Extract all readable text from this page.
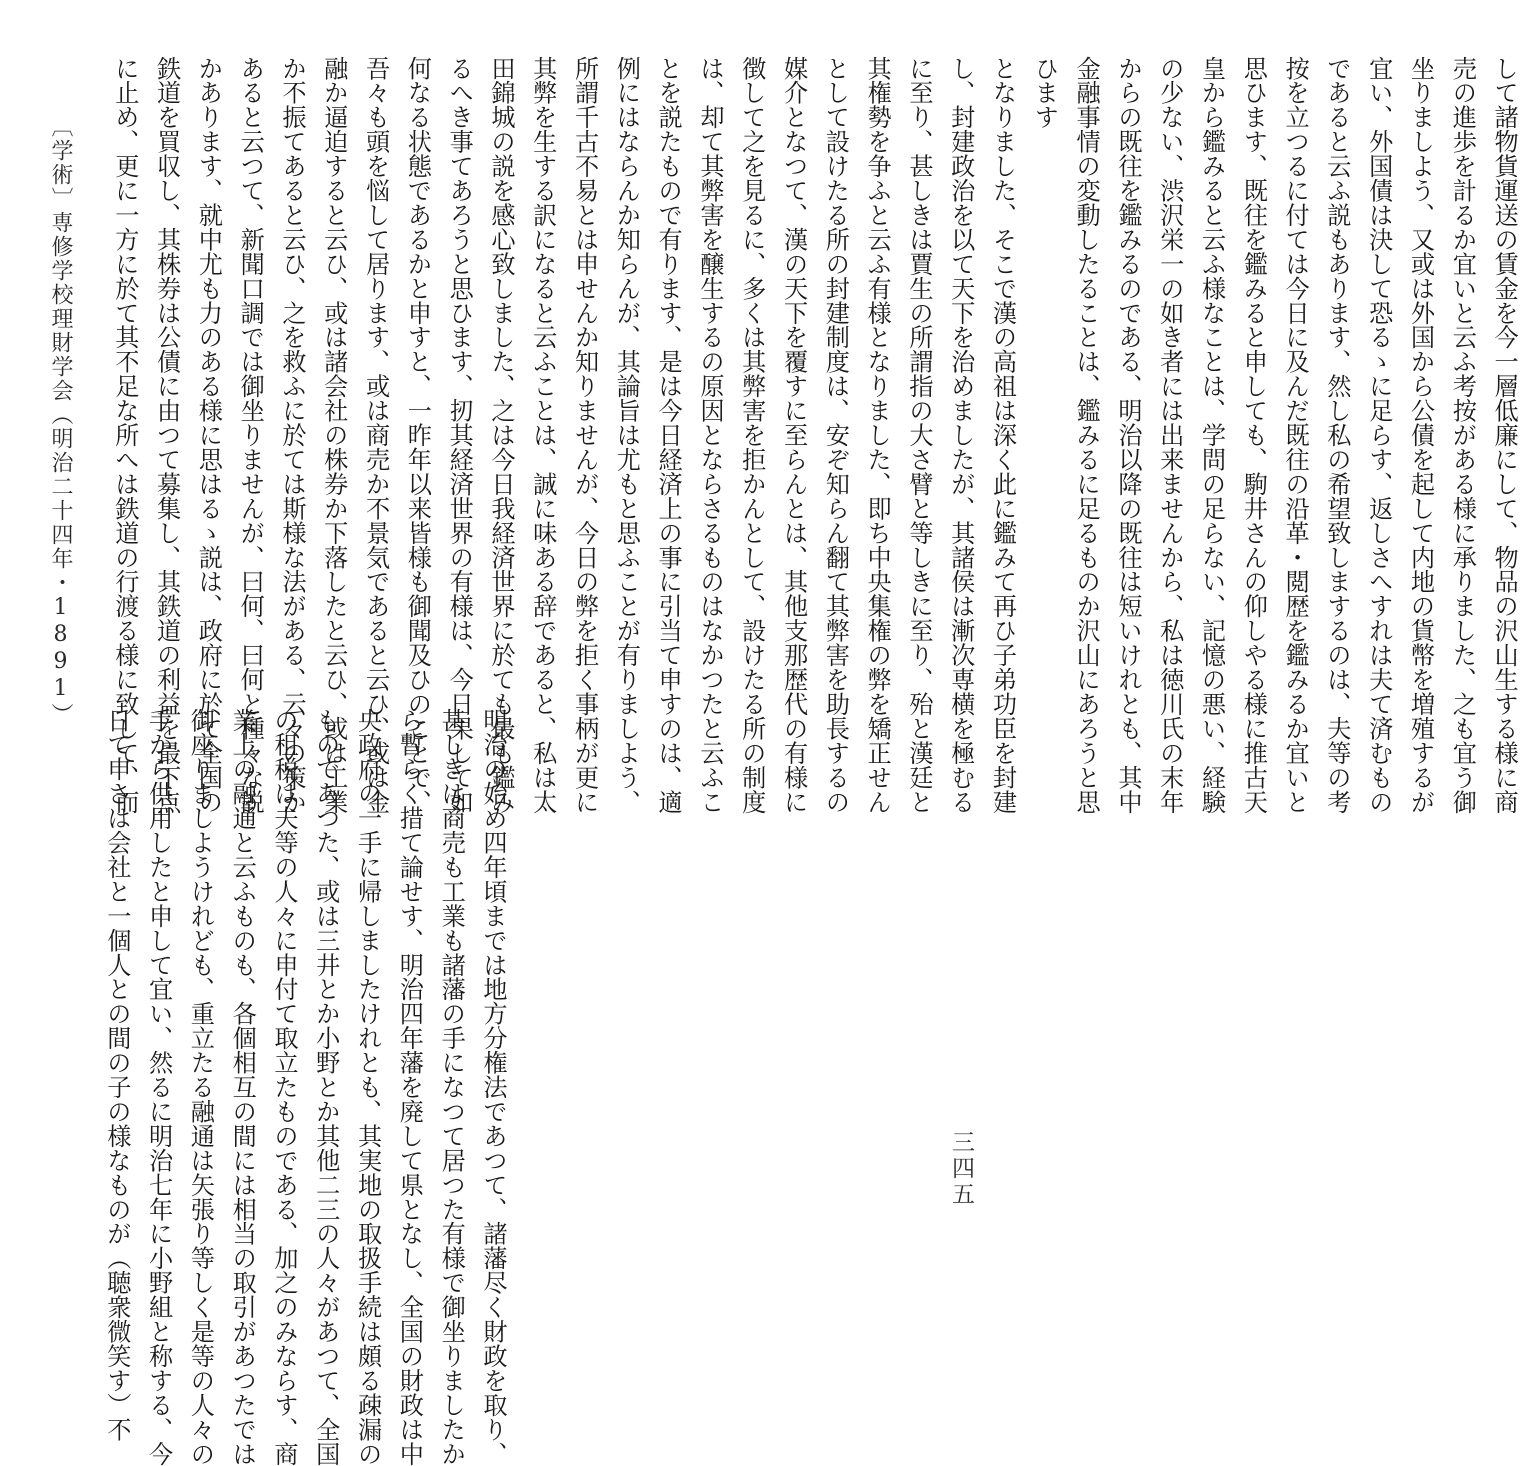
して諸物貨運送の賃金を今一層低廉にして、物品の沢山生する様に商
売の進歩を計るか宜いと云ふ考按がある様に承りました、之も宜う御
坐りましよう、又或は外国から公債を起して内地の貨幣を増殖するが
宜い、外国債は決して恐るゝに足らす、返しさへすれは夫て済むもの
であると云ふ説もあります、然し私の希望致しまするのは、夫等の考
按を立つるに付ては今日に及んだ既往の沿革・閲歴を鑑みるか宜いと
思ひます、既往を鑑みると申しても、駒井さんの仰しやる様に推古天
皇から鑑みると云ふ様なことは、学問の足らない、記憶の悪い、経験
の少ない、渋沢栄一の如き者には出来ませんから、私は徳川氏の末年
からの既往を鑑みるのである、明治以降の既往は短いけれとも、其中
金融事情の変動したることは、鑑みるに足るものか沢山にあろうと思
ひます
となりました、そこで漢の高祖は深く此に鑑みて再ひ子弟功臣を封建
し、封建政治を以て天下を治めましたが、其諸侯は漸次専横を極むる
に至り、甚しきは賈生の所謂指の大さ臂と等しきに至り、殆と漢廷と
其権勢を争ふと云ふ有様となりました、即ち中央集権の弊を矯正せん
として設けたる所の封建制度は、安ぞ知らん翻て其弊害を助長するの
媒介となつて、漢の天下を覆すに至らんとは、其他支那歴代の有様に
徴して之を見るに、多くは其弊害を拒かんとして、設けたる所の制度
は、却て其弊害を醸生するの原因とならさるものはなかつたと云ふこ
とを説たもので有ります、是は今日経済上の事に引当て申すのは、適
例にはならんか知らんが、其論旨は尤もと思ふことが有りましよう、
所謂千古不易とは申せんか知りませんが、今日の弊を拒く事柄が更に
其弊を生する訳になると云ふことは、誠に味ある辞であると、私は太
田錦城の説を感心致しました、之は今日我経済世界に於ても最も鑑み
るへき事てあろうと思ひます、扨其経済世界の有様は、今日果して如
何なる状態であるかと申すと、一昨年以来皆様も御聞及ひのことで、
吾々も頭を悩して居ります、或は商売か不景気であると云ひ、或は金
融か逼迫すると云ひ、或は諸会社の株券か下落したと云ひ、或は工業
か不振てあると云ひ、之を救ふに於ては斯様な法がある、云々の策か
あると云つて、新聞口調では御坐りませんが、曰何、曰何と種々な説
かあります、就中尤も力のある様に思はるゝ説は、政府に於て全国の
鉄道を買収し、其株券は公債に由つて募集し、其鉄道の利益を最下点
に止め、更に一方に於て其不足な所へは鉄道の行渡る様に致して、而
明治の始め四年頃までは地方分権法であつて、諸藩尽く財政を取り、
甚しきは商売も工業も諸藩の手になつて居つた有様で御坐りましたか
ら暫らく措て論せす、明治四年藩を廃して県となし、全国の財政は中
央政府の一手に帰しましたけれとも、其実地の取扱手続は頗る疎漏の
ものであつた、或は三井とか小野とか其他二三の人々があつて、全国
の租税は夫等の人々に申付て取立たものである、加之のみならす、商
業上の融通と云ふものも、各個相互の間には相当の取引があつたでは
御座りましようけれども、重立たる融通は矢張り等しく是等の人々の
手から供用したと申して宜い、然るに明治七年に小野組と称する、今
日て申さは会社と一個人との間の子の様なものが（聴衆微笑す）不
〔学術〕専修学校理財学会（明治二十四年・1891）
三四五
